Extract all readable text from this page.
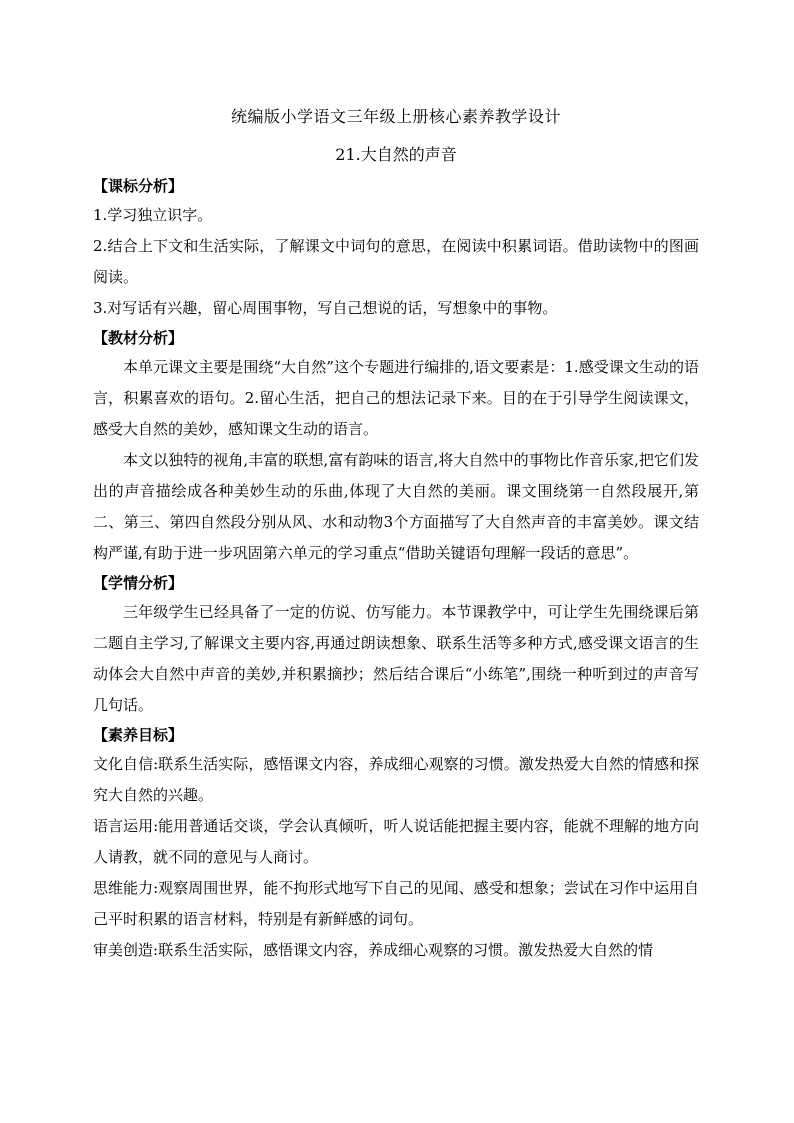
统编版小学语文三年级上册核心素养教学设计
21.大自然的声音

【课标分析】

1.学习独立识字。

2.结合上下文和生活实际，了解课文中词句的意思，在阅读中积累词语。借助读物中的图画阅读。

3.对写话有兴趣，留心周围事物，写自己想说的话，写想象中的事物。

【教材分析】

本单元课文主要是围绕“大自然”这个专题进行编排的,语文要素是：1.感受课文生动的语言，积累喜欢的语句。2.留心生活，把自己的想法记录下来。目的在于引导学生阅读课文，感受大自然的美妙，感知课文生动的语言。

本文以独特的视角,丰富的联想,富有韵味的语言,将大自然中的事物比作音乐家,把它们发出的声音描绘成各种美妙生动的乐曲,体现了大自然的美丽。课文围绕第一自然段展开,第二、第三、第四自然段分别从风、水和动物3个方面描写了大自然声音的丰富美妙。课文结构严谨,有助于进一步巩固第六单元的学习重点“借助关键语句理解一段话的意思”。

【学情分析】

三年级学生已经具备了一定的仿说、仿写能力。本节课教学中，可让学生先围绕课后第二题自主学习,了解课文主要内容,再通过朗读想象、联系生活等多种方式,感受课文语言的生动体会大自然中声音的美妙,并积累摘抄；然后结合课后“小练笔”,围绕一种听到过的声音写几句话。

【素养目标】

文化自信:联系生活实际，感悟课文内容，养成细心观察的习惯。激发热爱大自然的情感和探究大自然的兴趣。

语言运用:能用普通话交谈，学会认真倾听，听人说话能把握主要内容，能就不理解的地方向人请教，就不同的意见与人商讨。

思维能力:观察周围世界，能不拘形式地写下自己的见闻、感受和想象；尝试在习作中运用自己平时积累的语言材料，特别是有新鲜感的词句。

审美创造:联系生活实际，感悟课文内容，养成细心观察的习惯。激发热爱大自然的情
